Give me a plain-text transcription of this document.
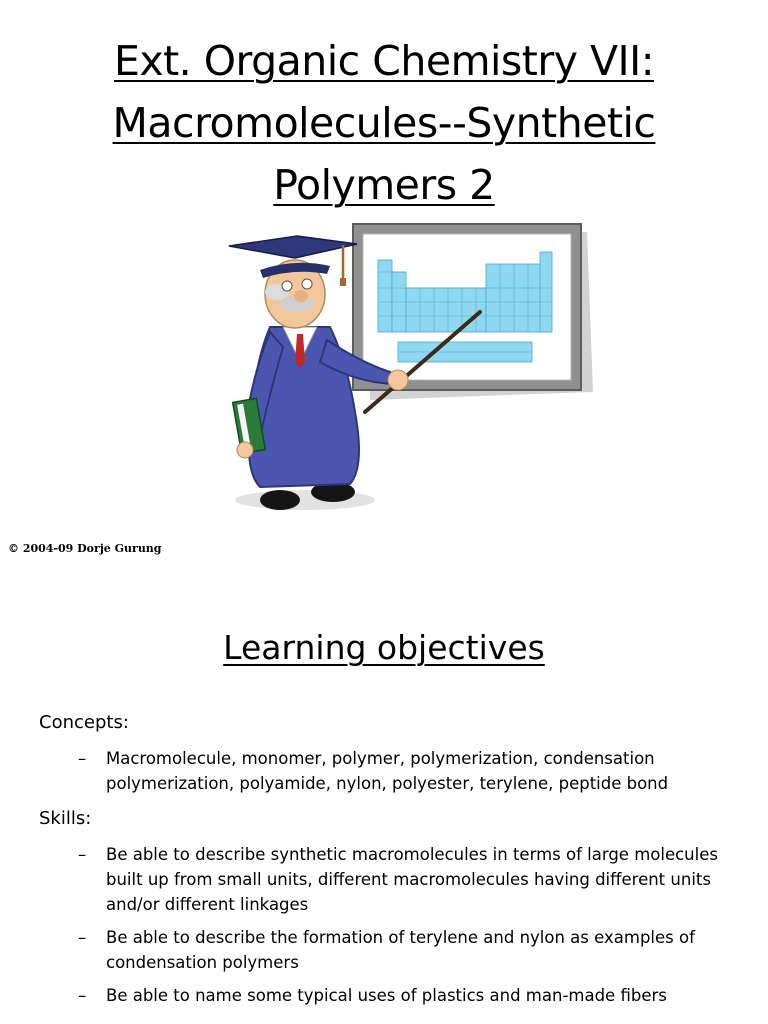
Ext. Organic Chemistry VII:
Macromolecules--Synthetic
Polymers 2
© 2004-09 Dorje Gurung
Learning objectives

Concepts:

– Macromolecule, monomer, polymer, polymerization, condensation polymerization, polyamide, nylon, polyester, terylene, peptide bond

Skills:

– Be able to describe synthetic macromolecules in terms of large molecules built up from small units, different macromolecules having different units and/or different linkages
– Be able to describe the formation of terylene and nylon as examples of condensation polymers
– Be able to name some typical uses of plastics and man-made fibers
